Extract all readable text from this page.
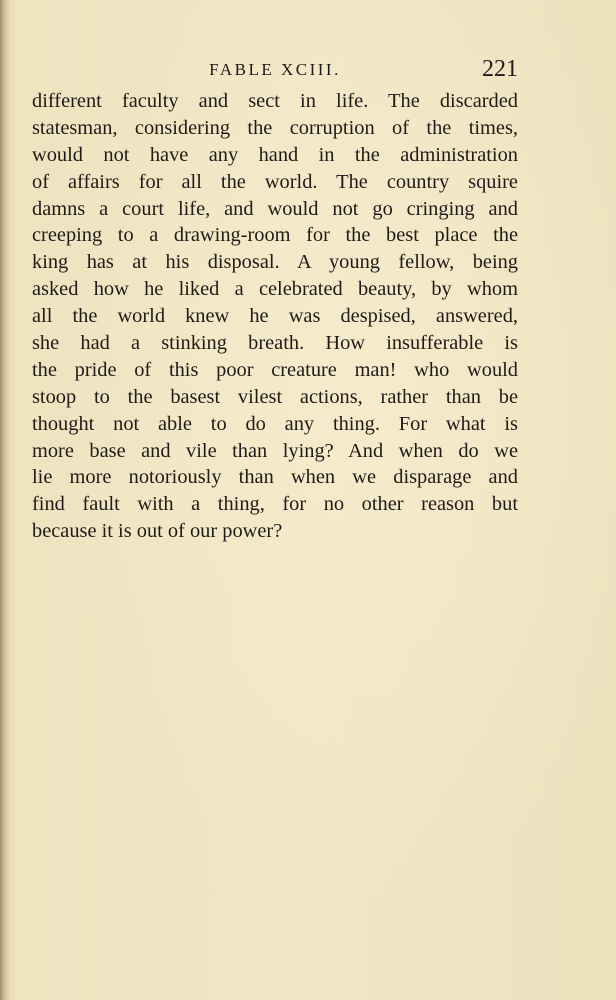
FABLE XCIII.	221
different faculty and sect in life. The discarded
statesman, considering the corruption of the times,
would not have any hand in the administration
of affairs for all the world. The country squire
damns a court life, and would not go cringing and
creeping to a drawing-room for the best place the
king has at his disposal. A young fellow, being
asked how he liked a celebrated beauty, by whom
all the world knew he was despised, answered,
she had a stinking breath. How insufferable is
the pride of this poor creature man! who would
stoop to the basest vilest actions, rather than be
thought not able to do any thing. For what is
more base and vile than lying? And when do we
lie more notoriously than when we disparage and
find fault with a thing, for no other reason but
because it is out of our power?
